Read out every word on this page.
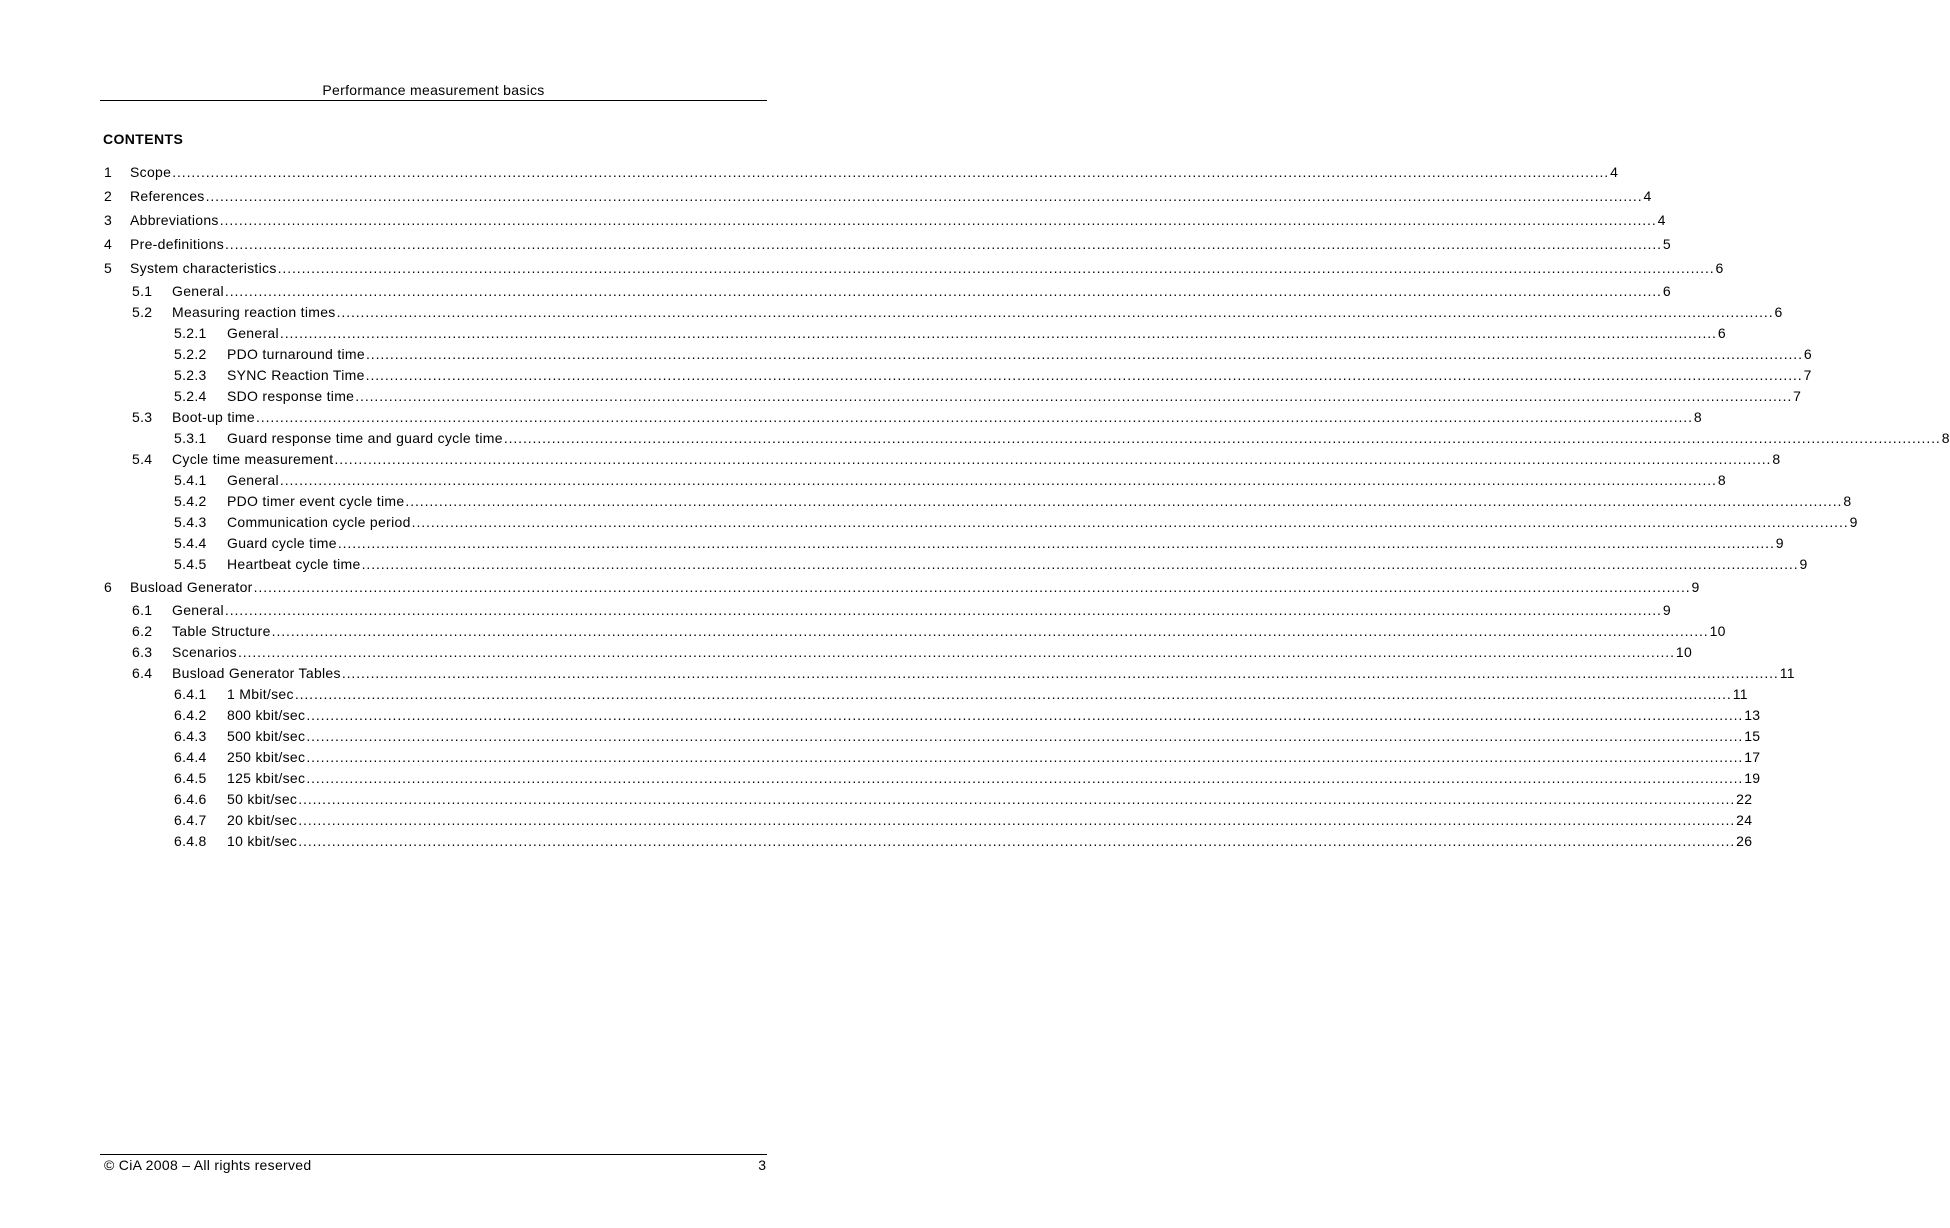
Performance measurement basics
CONTENTS
1 Scope ............................................................................................................................................................................................................................................................................................................ 4
2 References ............................................................................................................................................................................................................................................................................................................ 4
3 Abbreviations ............................................................................................................................................................................................................................................................................................................ 4
4 Pre-definitions ............................................................................................................................................................................................................................................................................................................ 5
5 System characteristics ............................................................................................................................................................................................................................................................................................................ 6
5.1 General ............................................................................................................................................................................................................................................................................................................ 6
5.2 Measuring reaction times ............................................................................................................................................................................................................................................................................................................ 6
5.2.1 General ............................................................................................................................................................................................................................................................................................................ 6
5.2.2 PDO turnaround time ............................................................................................................................................................................................................................................................................................................ 6
5.2.3 SYNC Reaction Time ............................................................................................................................................................................................................................................................................................................ 7
5.2.4 SDO response time ............................................................................................................................................................................................................................................................................................................ 7
5.3 Boot-up time ............................................................................................................................................................................................................................................................................................................ 8
5.3.1 Guard response time and guard cycle time ............................................................................................................................................................................................................................................................................................................ 8
5.4 Cycle time measurement ............................................................................................................................................................................................................................................................................................................ 8
5.4.1 General ............................................................................................................................................................................................................................................................................................................ 8
5.4.2 PDO timer event cycle time ............................................................................................................................................................................................................................................................................................................ 8
5.4.3 Communication cycle period ............................................................................................................................................................................................................................................................................................................ 9
5.4.4 Guard cycle time ............................................................................................................................................................................................................................................................................................................ 9
5.4.5 Heartbeat cycle time ............................................................................................................................................................................................................................................................................................................ 9
6 Busload Generator ............................................................................................................................................................................................................................................................................................................ 9
6.1 General ............................................................................................................................................................................................................................................................................................................ 9
6.2 Table Structure ............................................................................................................................................................................................................................................................................................................ 10
6.3 Scenarios ............................................................................................................................................................................................................................................................................................................ 10
6.4 Busload Generator Tables ............................................................................................................................................................................................................................................................................................................ 11
6.4.1 1 Mbit/sec ............................................................................................................................................................................................................................................................................................................ 11
6.4.2 800 kbit/sec ............................................................................................................................................................................................................................................................................................................ 13
6.4.3 500 kbit/sec ............................................................................................................................................................................................................................................................................................................ 15
6.4.4 250 kbit/sec ............................................................................................................................................................................................................................................................................................................ 17
6.4.5 125 kbit/sec ............................................................................................................................................................................................................................................................................................................ 19
6.4.6 50 kbit/sec ............................................................................................................................................................................................................................................................................................................ 22
6.4.7 20 kbit/sec ............................................................................................................................................................................................................................................................................................................ 24
6.4.8 10 kbit/sec ............................................................................................................................................................................................................................................................................................................ 26
© CiA 2008 – All rights reserved	3
